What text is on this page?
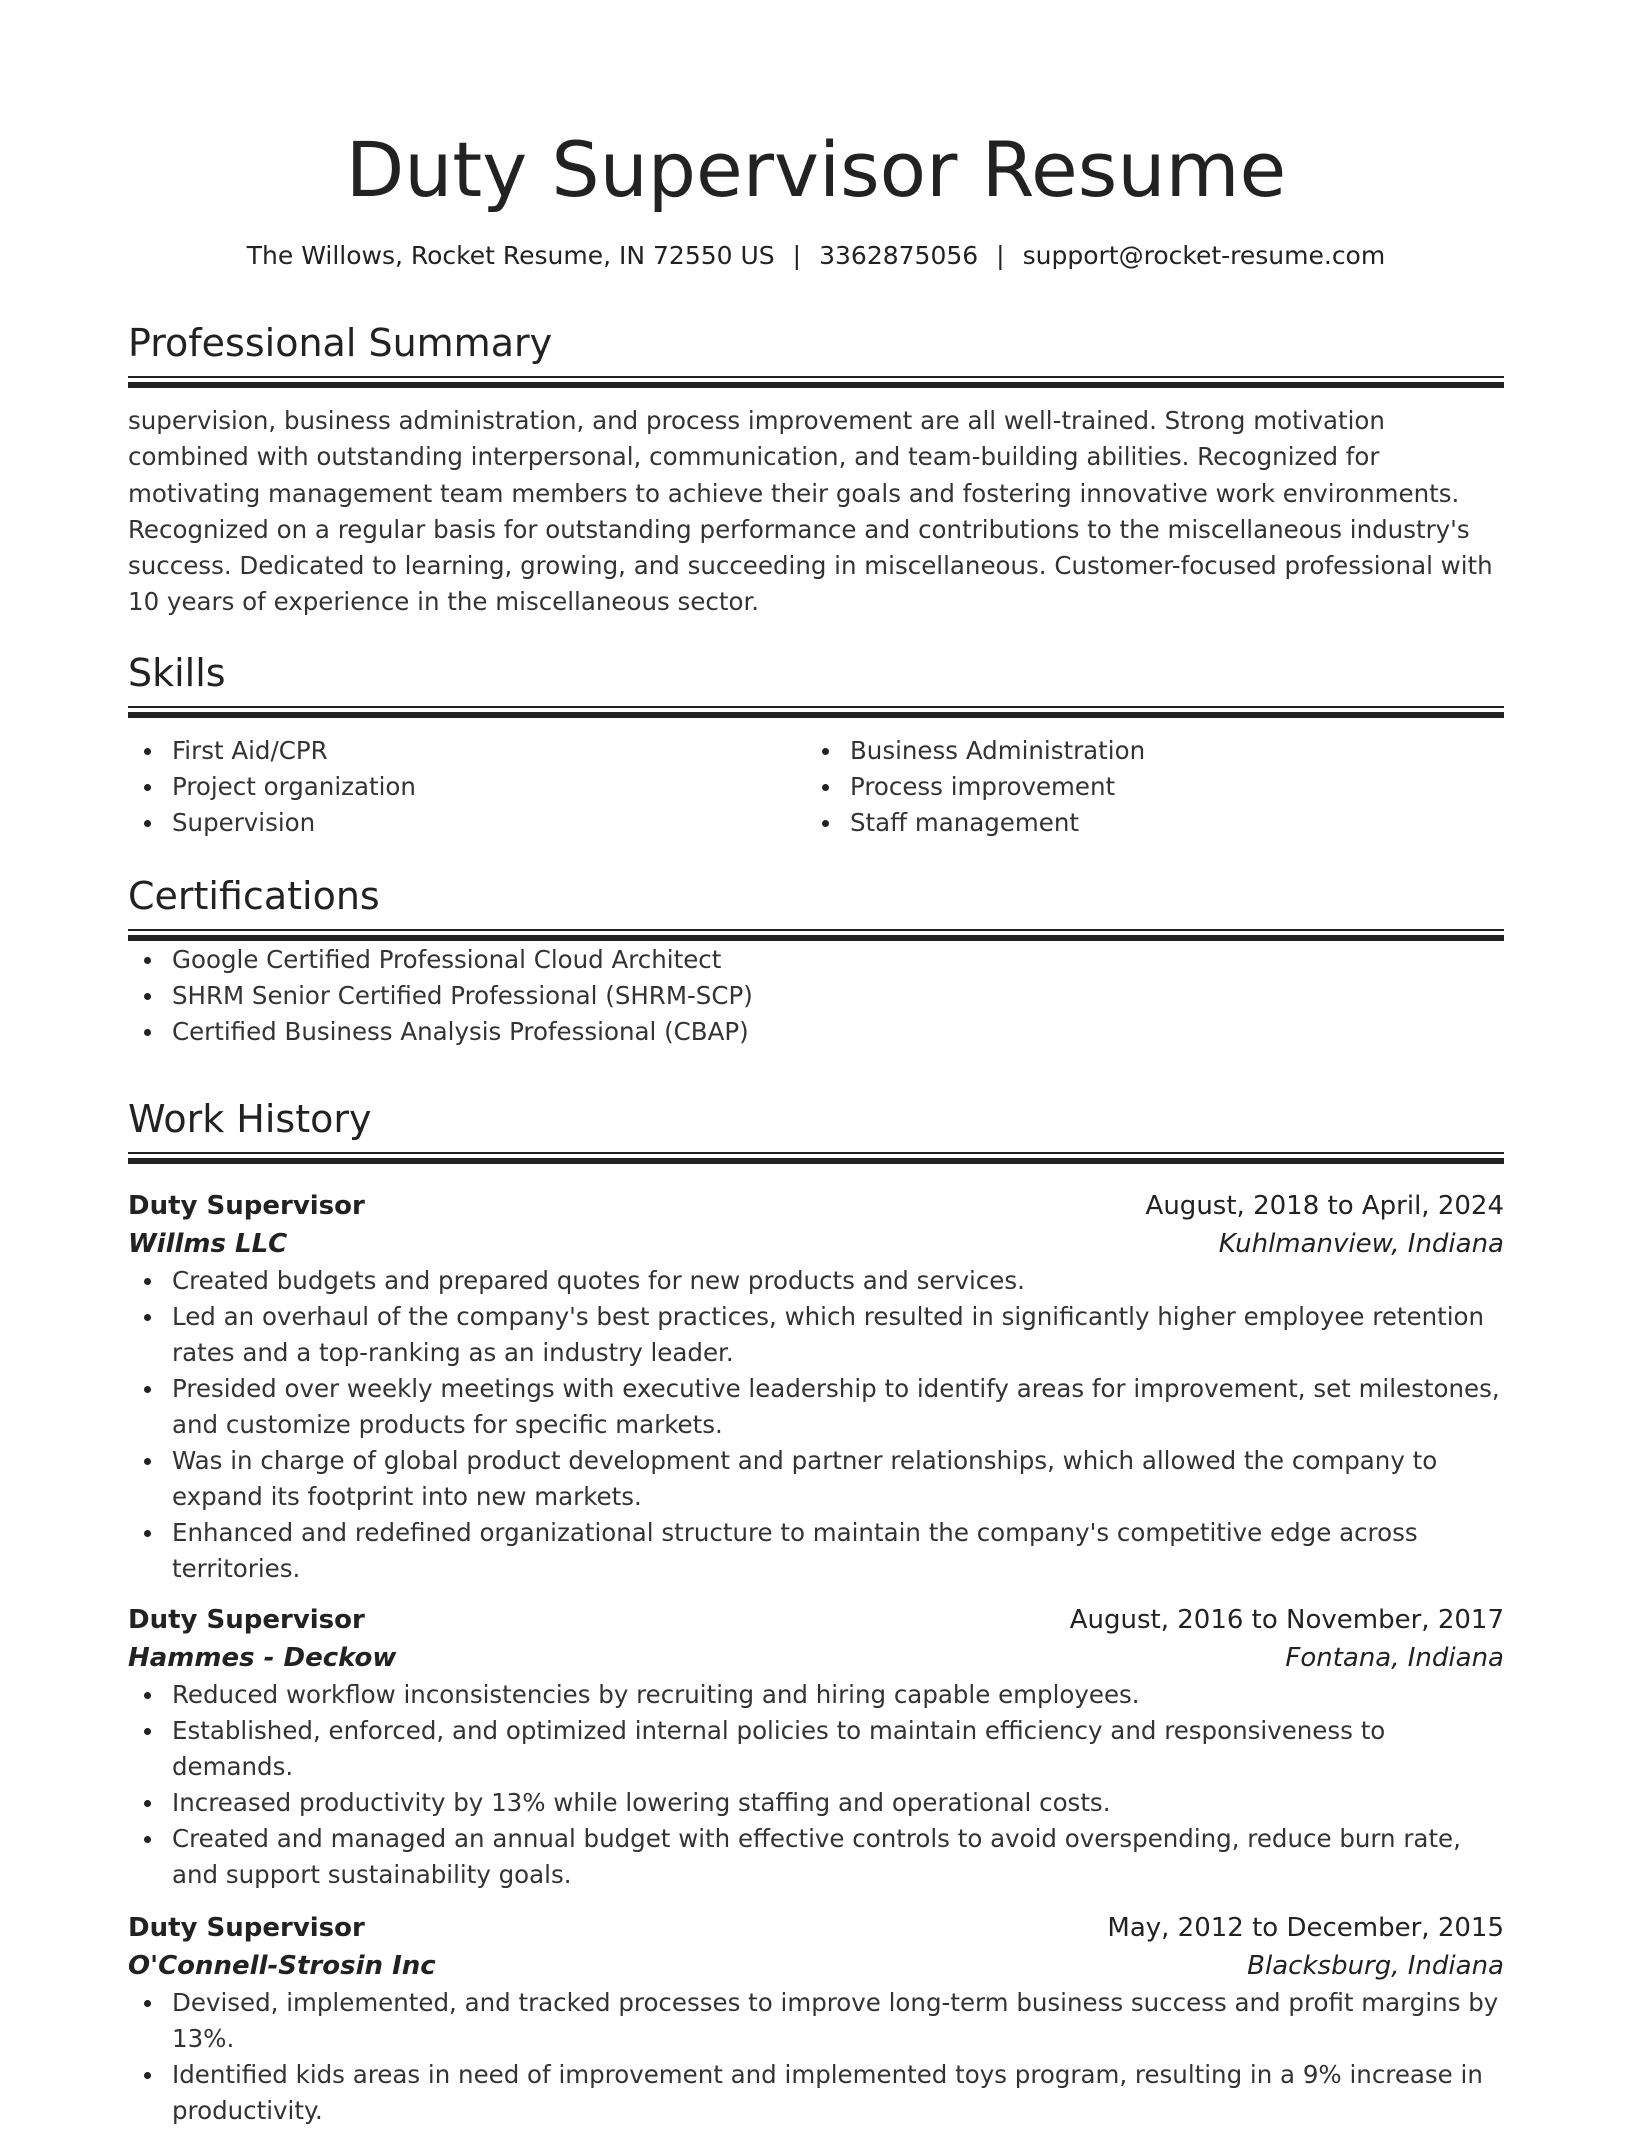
Duty Supervisor Resume
The Willows, Rocket Resume, IN 72550 US | 3362875056 | support@rocket-resume.com
Professional Summary

supervision, business administration, and process improvement are all well-trained. Strong motivation combined with outstanding interpersonal, communication, and team-building abilities. Recognized for motivating management team members to achieve their goals and fostering innovative work environments. Recognized on a regular basis for outstanding performance and contributions to the miscellaneous industry's success. Dedicated to learning, growing, and succeeding in miscellaneous. Customer-focused professional with 10 years of experience in the miscellaneous sector.

Skills
First Aid/CPR
Project organization
Supervision
Business Administration
Process improvement
Staff management
Certifications
Google Certified Professional Cloud Architect
SHRM Senior Certified Professional (SHRM-SCP)
Certified Business Analysis Professional (CBAP)
Work History
Duty Supervisor	August, 2018 to April, 2024
Willms LLC	Kuhlmanview, Indiana
Created budgets and prepared quotes for new products and services.
Led an overhaul of the company's best practices, which resulted in significantly higher employee retention rates and a top-ranking as an industry leader.
Presided over weekly meetings with executive leadership to identify areas for improvement, set milestones, and customize products for specific markets.
Was in charge of global product development and partner relationships, which allowed the company to expand its footprint into new markets.
Enhanced and redefined organizational structure to maintain the company's competitive edge across territories.
Duty Supervisor	August, 2016 to November, 2017
Hammes - Deckow	Fontana, Indiana
Reduced workflow inconsistencies by recruiting and hiring capable employees.
Established, enforced, and optimized internal policies to maintain efficiency and responsiveness to demands.
Increased productivity by 13% while lowering staffing and operational costs.
Created and managed an annual budget with effective controls to avoid overspending, reduce burn rate, and support sustainability goals.
Duty Supervisor	May, 2012 to December, 2015
O'Connell-Strosin Inc	Blacksburg, Indiana
Devised, implemented, and tracked processes to improve long-term business success and profit margins by 13%.
Identified kids areas in need of improvement and implemented toys program, resulting in a 9% increase in productivity.
